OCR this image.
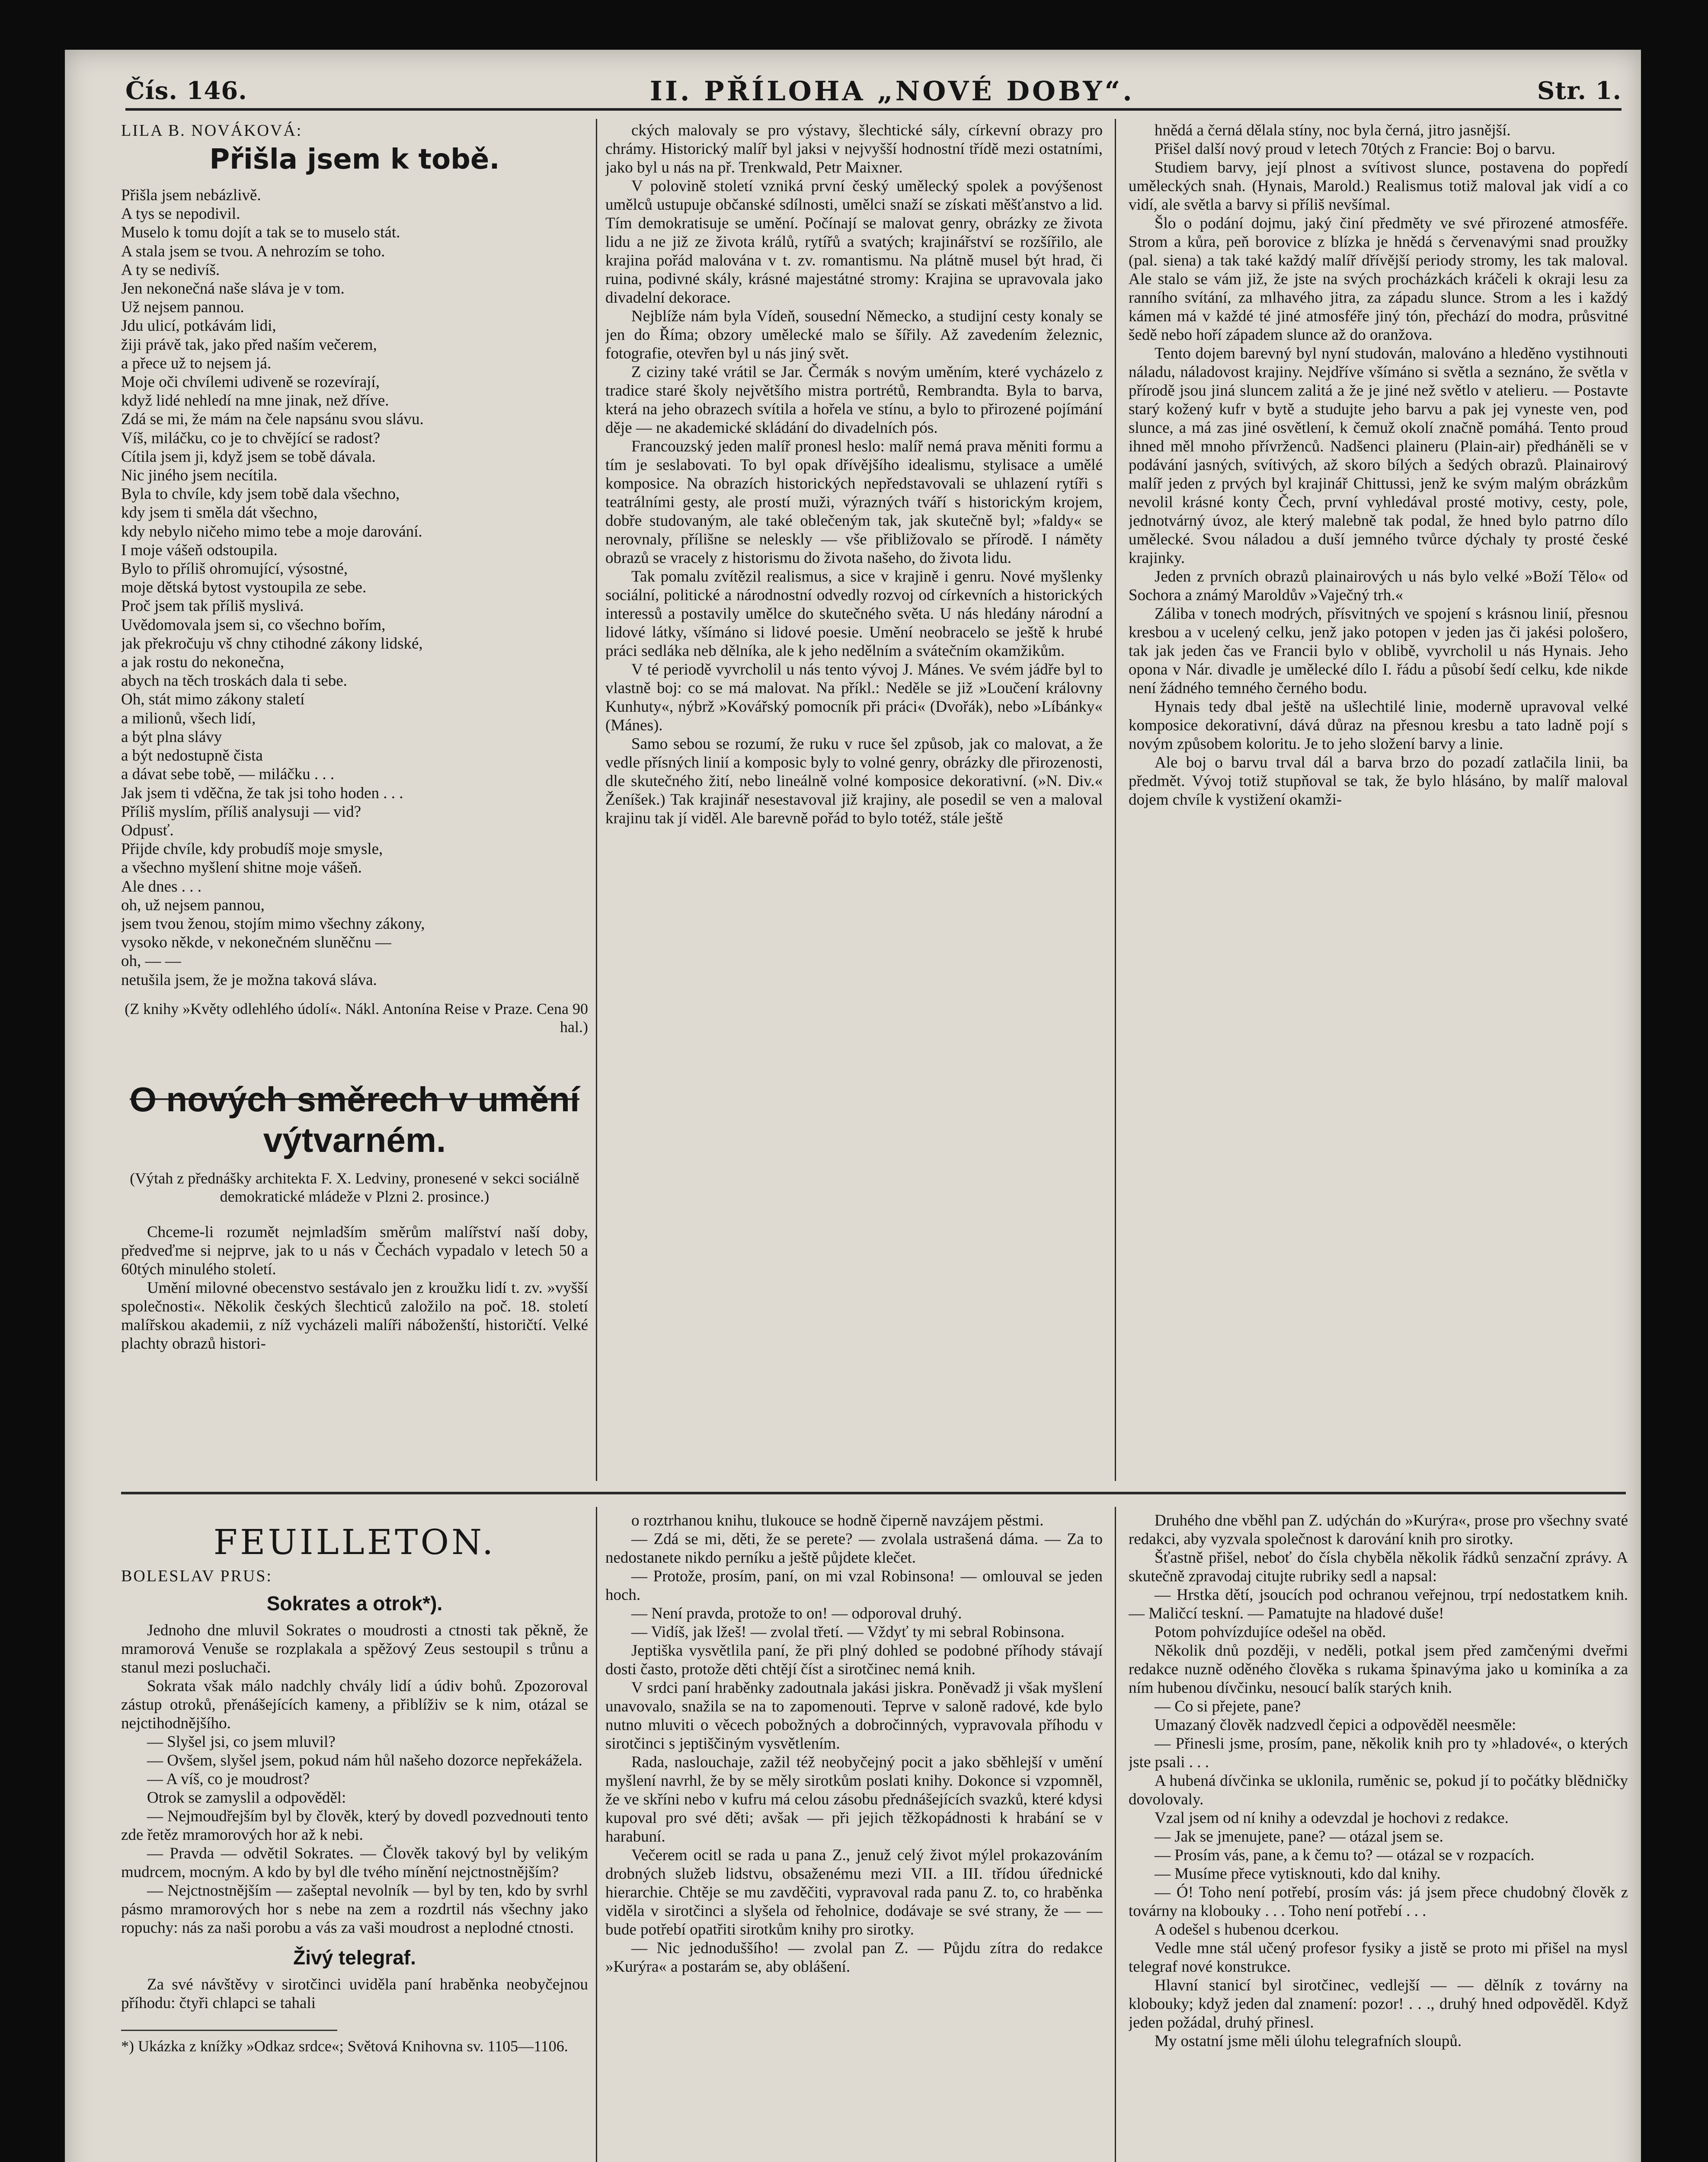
Čís. 146.	II. PŘÍLOHA „NOVÉ DOBY“.	Str. 1.

LILA B. NOVÁKOVÁ:

Přišla jsem k tobě.

Přišla jsem nebázlivě.

A tys se nepodivil.

Muselo k tomu dojít a tak se to muselo stát.

A stala jsem se tvou. A nehrozím se toho.

A ty se nedivíš.

Jen nekonečná naše sláva je v tom.

Už nejsem pannou.

Jdu ulicí, potkávám lidi,

žiji právě tak, jako před naším večerem,

a přece už to nejsem já.

Moje oči chvílemi udiveně se rozevírají,

když lidé nehledí na mne jinak, než dříve.

Zdá se mi, že mám na čele napsánu svou slávu.

Víš, miláčku, co je to chvějící se radost?

Cítila jsem ji, když jsem se tobě dávala.

Nic jiného jsem necítila.

Byla to chvíle, kdy jsem tobě dala všechno,

kdy jsem ti směla dát všechno,

kdy nebylo ničeho mimo tebe a moje darování.

I moje vášeň odstoupila.

Bylo to příliš ohromující, výsostné,

moje dětská bytost vystoupila ze sebe.

Proč jsem tak příliš myslivá.

Uvědomovala jsem si, co všechno bořím,

jak překročuju vš chny ctihodné zákony lidské,

a jak rostu do nekonečna,

abych na těch troskách dala ti sebe.

Oh, stát mimo zákony staletí

a milionů, všech lidí,

a být plna slávy

a být nedostupně čista

a dávat sebe tobě, — miláčku . . .

Jak jsem ti vděčna, že tak jsi toho hoden . . .

Příliš myslím, příliš analysuji — vid?

Odpusť.

Přijde chvíle, kdy probudíš moje smysle,

a všechno myšlení shitne moje vášeň.

Ale dnes . . .

oh, už nejsem pannou,

jsem tvou ženou, stojím mimo všechny zákony,

vysoko někde, v nekonečném sluněčnu —

oh, — —

netušila jsem, že je možna taková sláva.

(Z knihy »Květy odlehlého údolí«. Nákl. Antonína Reise v Praze. Cena 90 hal.)

O nových směrech v umění výtvarném.

(Výtah z přednášky architekta F. X. Ledviny, pronesené v sekci sociálně demokratické mládeže v Plzni 2. prosince.)

Chceme-li rozumět nejmladším směrům malířství naší doby, předveďme si nejprve, jak to u nás v Čechách vypadalo v letech 50 a 60tých minulého století.

Umění milovné obecenstvo sestávalo jen z kroužku lidí t. zv. »vyšší společnosti«. Několik českých šlechticů založilo na poč. 18. století malířskou akademii, z níž vycházeli malíři náboženští, historičtí. Velké plachty obrazů histori-

ckých malovaly se pro výstavy, šlechtické sály, církevní obrazy pro chrámy. Historický malíř byl jaksi v nejvyšší hodnostní třídě mezi ostatními, jako byl u nás na př. Trenkwald, Petr Maixner.

V polovině století vzniká první český umělecký spolek a povýšenost umělců ustupuje občanské sdílnosti, umělci snaží se získati měšťanstvo a lid. Tím demokratisuje se umění. Počínají se malovat genry, obrázky ze života lidu a ne již ze života králů, rytířů a svatých; krajinářství se rozšířilo, ale krajina pořád malována v t. zv. romantismu. Na plátně musel být hrad, či ruina, podivné skály, krásné majestátné stromy: Krajina se upravovala jako divadelní dekorace.

Nejblíže nám byla Vídeň, sousední Německo, a studijní cesty konaly se jen do Říma; obzory umělecké malo se šířily. Až zavedením železnic, fotografie, otevřen byl u nás jiný svět.

Z ciziny také vrátil se Jar. Čermák s novým uměním, které vycházelo z tradice staré školy největšího mistra portrétů, Rembrandta. Byla to barva, která na jeho obrazech svítila a hořela ve stínu, a bylo to přirozené pojímání děje — ne akademické skládání do divadelních pós.

Francouzský jeden malíř pronesl heslo: malíř nemá prava měniti formu a tím je seslabovati. To byl opak dřívějšího idealismu, stylisace a umělé komposice. Na obrazích historických nepředstavovali se uhlazení rytíři s teatrálními gesty, ale prostí muži, výrazných tváří s historickým krojem, dobře studovaným, ale také oblečeným tak, jak skutečně byl; »faldy« se nerovnaly, přílišne se neleskly — vše přibližovalo se přírodě. I náměty obrazů se vracely z historismu do života našeho, do života lidu.

Tak pomalu zvítězil realismus, a sice v krajině i genru. Nové myšlenky sociální, politické a národnostní odvedly rozvoj od církevních a historických interessů a postavily umělce do skutečného světa. U nás hledány národní a lidové látky, všímáno si lidové poesie. Umění neobracelo se ještě k hrubé práci sedláka neb dělníka, ale k jeho nedělním a svátečním okamžikům.

V té periodě vyvrcholil u nás tento vývoj J. Mánes. Ve svém jádře byl to vlastně boj: co se má malovat. Na příkl.: Neděle se již »Loučení královny Kunhuty«, nýbrž »Kovářský pomocník při práci« (Dvořák), nebo »Líbánky« (Mánes).

Samo sebou se rozumí, že ruku v ruce šel způsob, jak co malovat, a že vedle přísných linií a komposic byly to volné genry, obrázky dle přirozenosti, dle skutečného žití, nebo lineálně volné komposice dekorativní. (»N. Div.« Ženíšek.) Tak krajinář nesestavoval již krajiny, ale posedil se ven a maloval krajinu tak jí viděl. Ale barevně pořád to bylo totéž, stále ještě

hnědá a černá dělala stíny, noc byla černá, jitro jasnější.

Přišel další nový proud v letech 70tých z Francie: Boj o barvu.

Studiem barvy, její plnost a svítivost slunce, postavena do popředí uměleckých snah. (Hynais, Marold.) Realismus totiž maloval jak vidí a co vidí, ale světla a barvy si příliš nevšímal.

Šlo o podání dojmu, jaký činí předměty ve své přirozené atmosféře. Strom a kůra, peň borovice z blízka je hnědá s červenavými snad proužky (pal. siena) a tak také každý malíř dřívější periody stromy, les tak maloval. Ale stalo se vám již, že jste na svých procházkách kráčeli k okraji lesu za ranního svítání, za mlhavého jitra, za západu slunce. Strom a les i každý kámen má v každé té jiné atmosféře jiný tón, přechází do modra, průsvitné šedě nebo hoří západem slunce až do oranžova.

Tento dojem barevný byl nyní studován, malováno a hleděno vystihnouti náladu, náladovost krajiny. Nejdříve všímáno si světla a seznáno, že světla v přírodě jsou jiná sluncem zalitá a že je jiné než světlo v atelieru. — Postavte starý kožený kufr v bytě a studujte jeho barvu a pak jej vyneste ven, pod slunce, a má zas jiné osvětlení, k čemuž okolí značně pomáhá. Tento proud ihned měl mnoho přívrženců. Nadšenci plaineru (Plain-air) předháněli se v podávání jasných, svítivých, až skoro bílých a šedých obrazů. Plainairový malíř jeden z prvých byl krajinář Chittussi, jenž ke svým malým obrázkům nevolil krásné konty Čech, první vyhledával prosté motivy, cesty, pole, jednotvárný úvoz, ale který malebně tak podal, že hned bylo patrno dílo umělecké. Svou náladou a duší jemného tvůrce dýchaly ty prosté české krajinky.

Jeden z prvních obrazů plainairových u nás bylo velké »Boží Tělo« od Sochora a známý Maroldův »Vaječný trh.«

Záliba v tonech modrých, přísvitných ve spojení s krásnou linií, přesnou kresbou a v ucelený celku, jenž jako potopen v jeden jas či jakési pološero, tak jak jeden čas ve Francii bylo v oblibě, vyvrcholil u nás Hynais. Jeho opona v Nár. divadle je umělecké dílo I. řádu a působí šedí celku, kde nikde není žádného temného černého bodu.

Hynais tedy dbal ještě na ušlechtilé linie, moderně upravoval velké komposice dekorativní, dává důraz na přesnou kresbu a tato ladně pojí s novým způsobem koloritu. Je to jeho složení barvy a linie.

Ale boj o barvu trval dál a barva brzo do pozadí zatlačila linii, ba předmět. Vývoj totiž stupňoval se tak, že bylo hlásáno, by malíř maloval dojem chvíle k vystižení okamži-

FEUILLETON.

BOLESLAV PRUS:

Sokrates a otrok*).

Jednoho dne mluvil Sokrates o moudrosti a ctnosti tak pěkně, že mramorová Venuše se rozplakala a spěžový Zeus sestoupil s trůnu a stanul mezi posluchači.

Sokrata však málo nadchly chvály lidí a údiv bohů. Zpozoroval zástup otroků, přenášejících kameny, a přiblíživ se k nim, otázal se nejctihodnějšího.

— Slyšel jsi, co jsem mluvil?

— Ovšem, slyšel jsem, pokud nám hůl našeho dozorce nepřekážela.

— A víš, co je moudrost?

Otrok se zamyslil a odpověděl:

— Nejmoudřejším byl by člověk, který by dovedl pozvednouti tento zde řetěz mramorových hor až k nebi.

— Pravda — odvětil Sokrates. — Člověk takový byl by velikým mudrcem, mocným. A kdo by byl dle tvého mínění nejctnostnějším?

— Nejctnostnějším — zašeptal nevolník — byl by ten, kdo by svrhl pásmo mramorových hor s nebe na zem a rozdrtil nás všechny jako ropuchy: nás za naši porobu a vás za vaši moudrost a neplodné ctnosti.

Živý telegraf.

Za své návštěvy v sirotčinci uviděla paní hraběnka neobyčejnou příhodu: čtyři chlapci se tahali

*) Ukázka z knížky »Odkaz srdce«; Světová Knihovna sv. 1105—1106.

o roztrhanou knihu, tlukouce se hodně čiperně navzájem pěstmi.

— Zdá se mi, děti, že se perete? — zvolala ustrašená dáma. — Za to nedostanete nikdo perníku a ještě půjdete klečet.

— Protože, prosím, paní, on mi vzal Robinsona! — omlouval se jeden hoch.

— Není pravda, protože to on! — odporoval druhý.

— Vidíš, jak lžeš! — zvolal třetí. — Vždyť ty mi sebral Robinsona.

Jeptiška vysvětlila paní, že při plný dohled se podobné příhody stávají dosti často, protože děti chtějí číst a sirotčinec nemá knih.

V srdci paní hraběnky zadoutnala jakási jiskra. Poněvadž ji však myšlení unavovalo, snažila se na to zapomenouti. Teprve v saloně radové, kde bylo nutno mluviti o věcech pobožných a dobročinných, vypravovala příhodu v sirotčinci s jeptiščiným vysvětlením.

Rada, naslouchaje, zažil též neobyčejný pocit a jako sběhlejší v umění myšlení navrhl, že by se měly sirotkům poslati knihy. Dokonce si vzpomněl, že ve skříni nebo v kufru má celou zásobu přednášejících svazků, které kdysi kupoval pro své děti; avšak — při jejich těžkopádnosti k hrabání se v harabuní.

Večerem ocitl se rada u pana Z., jenuž celý život mýlel prokazováním drobných služeb lidstvu, obsaženému mezi VII. a III. třídou úřednické hierarchie. Chtěje se mu zavděčiti, vypravoval rada panu Z. to, co hraběnka viděla v sirotčinci a slyšela od řeholnice, dodávaje se své strany, že — — bude potřebí opatřiti sirotkům knihy pro sirotky.

— Nic jednoduššího! — zvolal pan Z. — Půjdu zítra do redakce »Kurýra« a postarám se, aby oblášení.

Druhého dne vběhl pan Z. udýchán do »Kurýra«, prose pro všechny svaté redakci, aby vyzvala společnost k darování knih pro sirotky.

Šťastně přišel, neboť do čísla chyběla několik řádků senzační zprávy. A skutečně zpravodaj citujte rubriky sedl a napsal:

— Hrstka dětí, jsoucích pod ochranou veřejnou, trpí nedostatkem knih. — Maličcí teskní. — Pamatujte na hladové duše!

Potom pohvízdujíce odešel na oběd.

Několik dnů později, v neděli, potkal jsem před zamčenými dveřmi redakce nuzně oděného člověka s rukama špinavýma jako u kominíka a za ním hubenou dívčinku, nesoucí balík starých knih.

— Co si přejete, pane?

Umazaný člověk nadzvedl čepici a odpověděl neesměle:

— Přinesli jsme, prosím, pane, několik knih pro ty »hladové«, o kterých jste psali . . .

A hubená dívčinka se uklonila, ruměnic se, pokud jí to počátky blědničky dovolovaly.

Vzal jsem od ní knihy a odevzdal je hochovi z redakce.

— Jak se jmenujete, pane? — otázal jsem se.

— Prosím vás, pane, a k čemu to? — otázal se v rozpacích.

— Musíme přece vytisknouti, kdo dal knihy.

— Ó! Toho není potřebí, prosím vás: já jsem přece chudobný člověk z továrny na klobouky . . . Toho není potřebí . . .

A odešel s hubenou dcerkou.

Vedle mne stál učený profesor fysiky a jistě se proto mi přišel na mysl telegraf nové konstrukce.

Hlavní stanicí byl sirotčinec, vedlejší — — dělník z továrny na klobouky; když jeden dal znamení: pozor! . . ., druhý hned odpověděl. Když jeden požádal, druhý přinesl.

My ostatní jsme měli úlohu telegrafních sloupů.
